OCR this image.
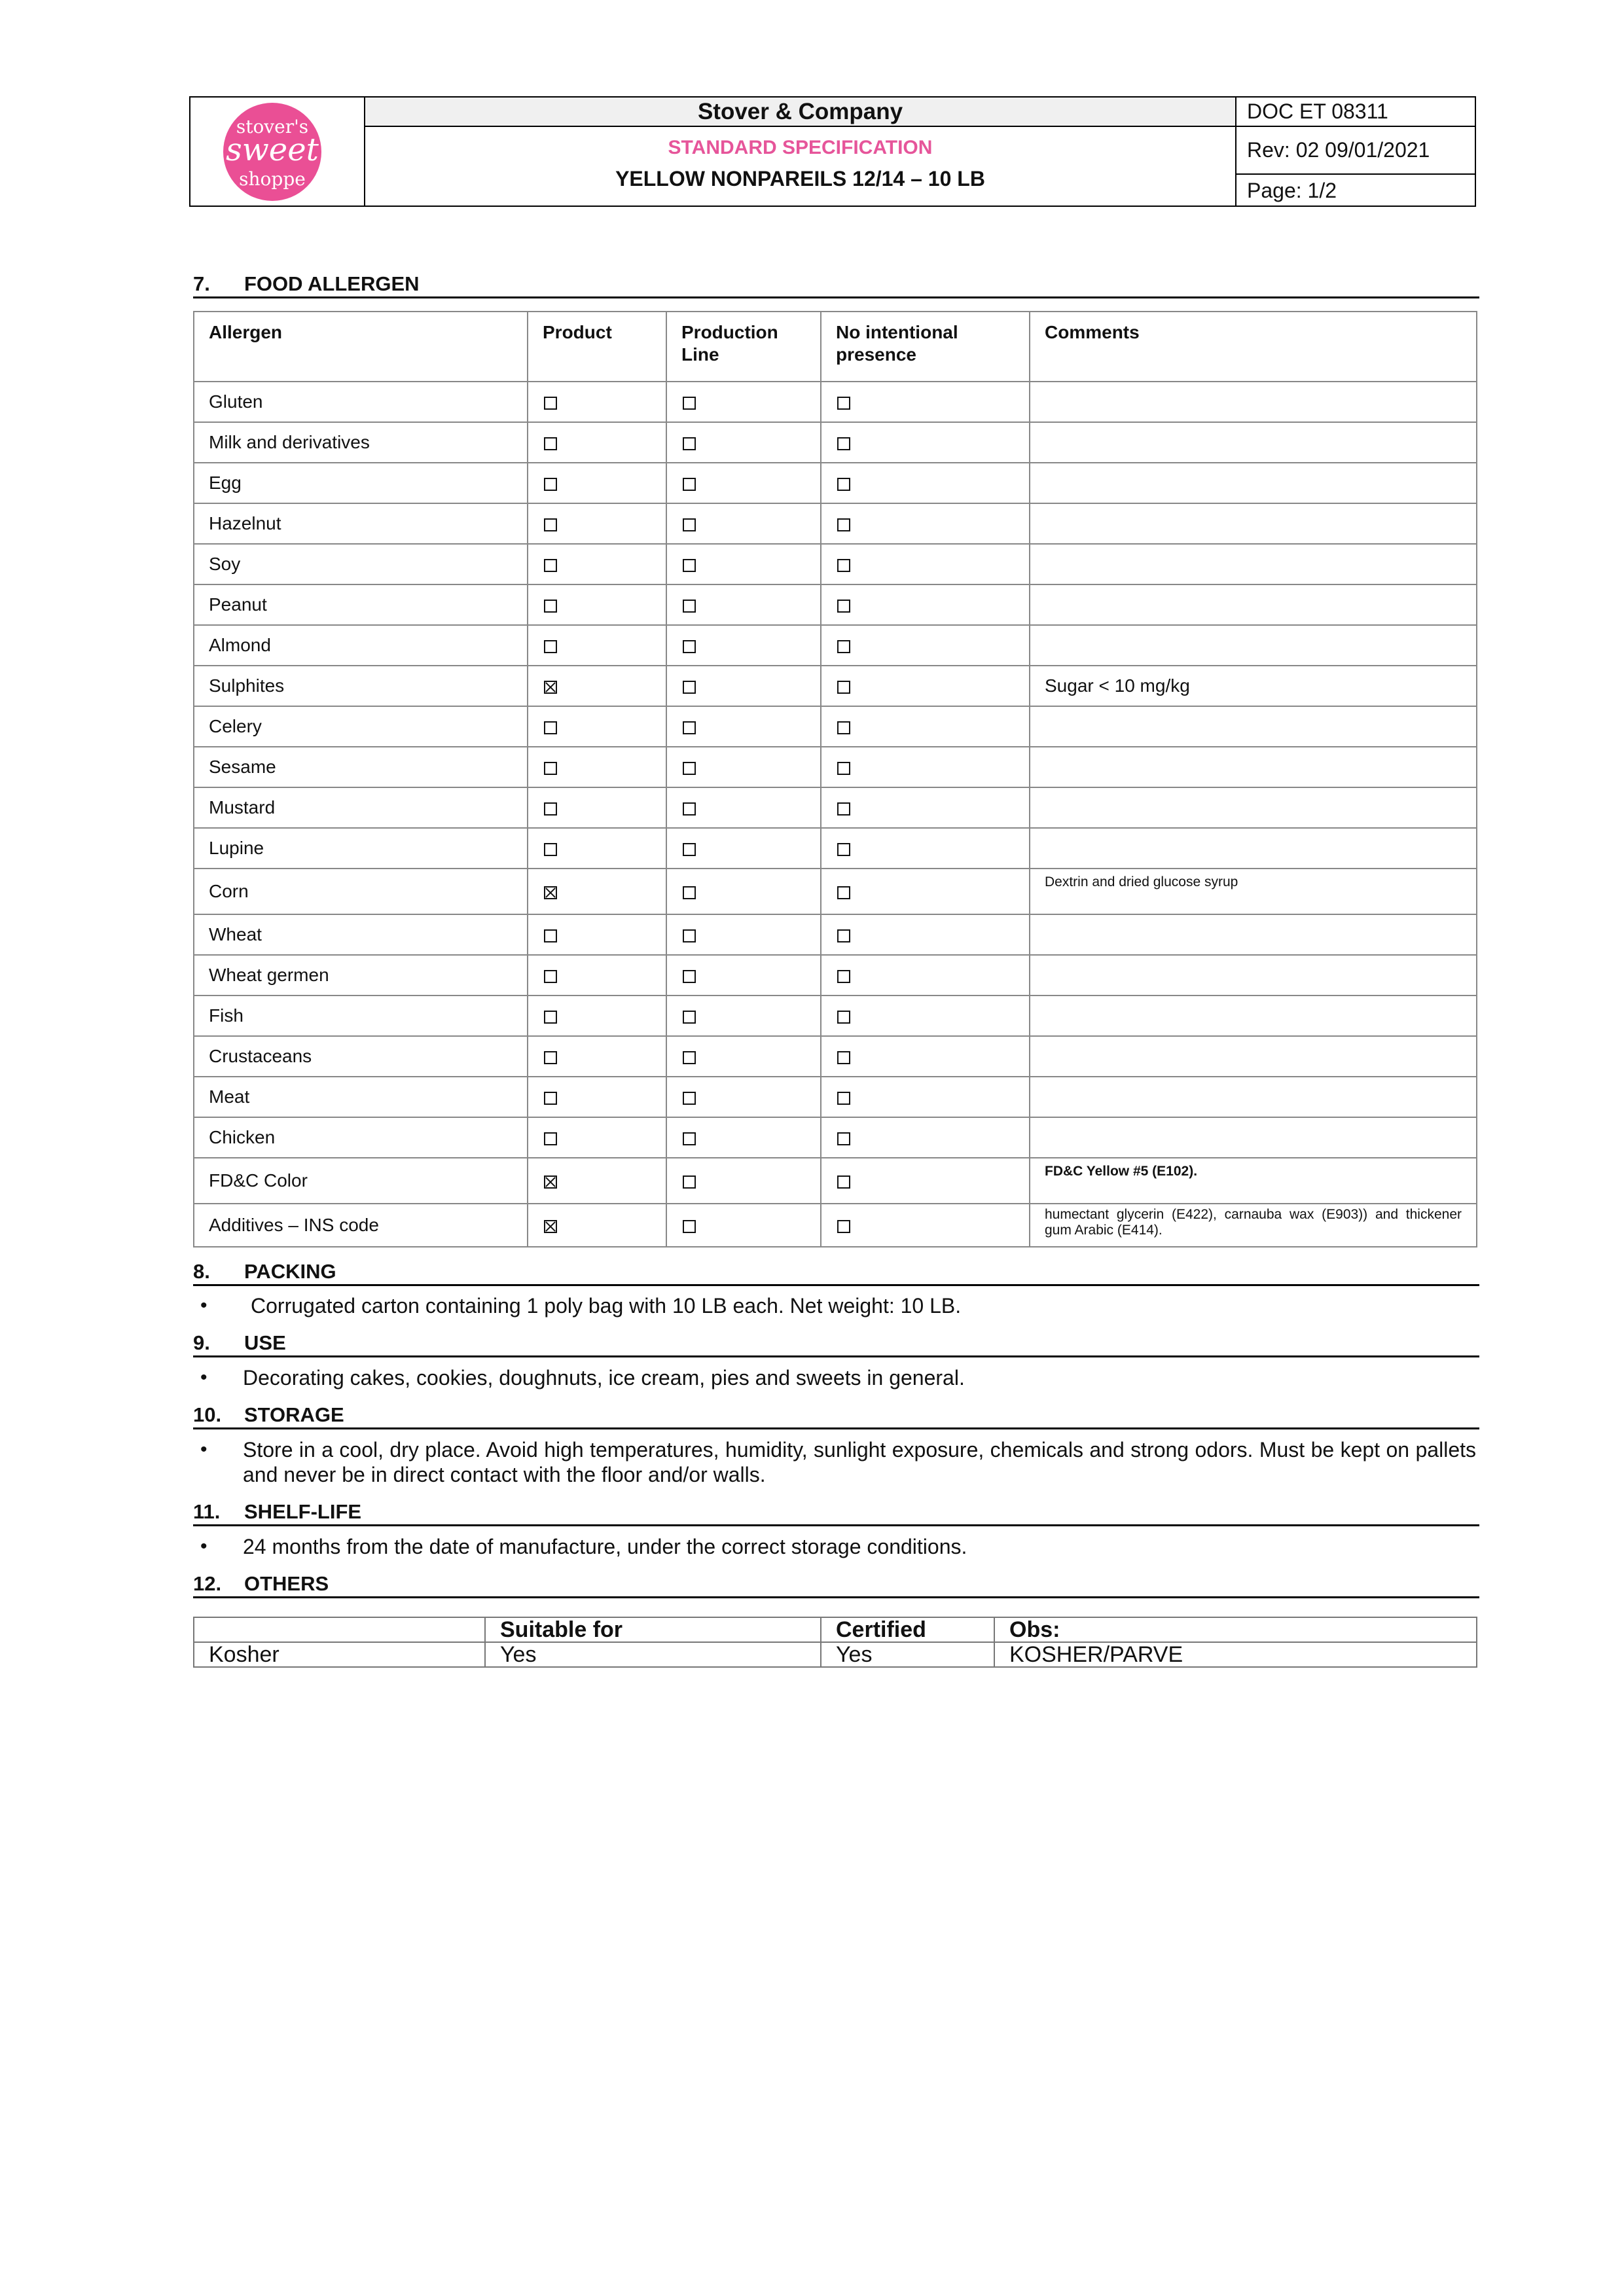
stover's
sweet
shoppe
Stover & Company
STANDARD SPECIFICATION
YELLOW NONPAREILS 12/14 – 10 LB
DOC ET 08311
Rev: 02 09/01/2021
Page: 1/2
7. FOOD ALLERGEN
Allergen	Product	Production Line	No intentional presence	Comments
Gluten				
Milk and derivatives				
Egg				
Hazelnut				
Soy				
Peanut				
Almond				
Sulphites				Sugar < 10 mg/kg
Celery				
Sesame				
Mustard				
Lupine				
Corn				Dextrin and dried glucose syrup
Wheat				
Wheat germen				
Fish				
Crustaceans				
Meat				
Chicken				
FD&C Color				FD&C Yellow #5 (E102).
Additives – INS code				humectant glycerin (E422), carnauba wax (E903)) and thickener gum Arabic (E414).
8. PACKING
• Corrugated carton containing 1 poly bag with 10 LB each. Net weight: 10 LB.
9. USE
• Decorating cakes, cookies, doughnuts, ice cream, pies and sweets in general.
10. STORAGE
• Store in a cool, dry place. Avoid high temperatures, humidity, sunlight exposure, chemicals and strong odors. Must be kept on pallets and never be in direct contact with the floor and/or walls.
11. SHELF-LIFE
• 24 months from the date of manufacture, under the correct storage conditions.
12. OTHERS
	Suitable for	Certified	Obs:
Kosher	Yes	Yes	KOSHER/PARVE
